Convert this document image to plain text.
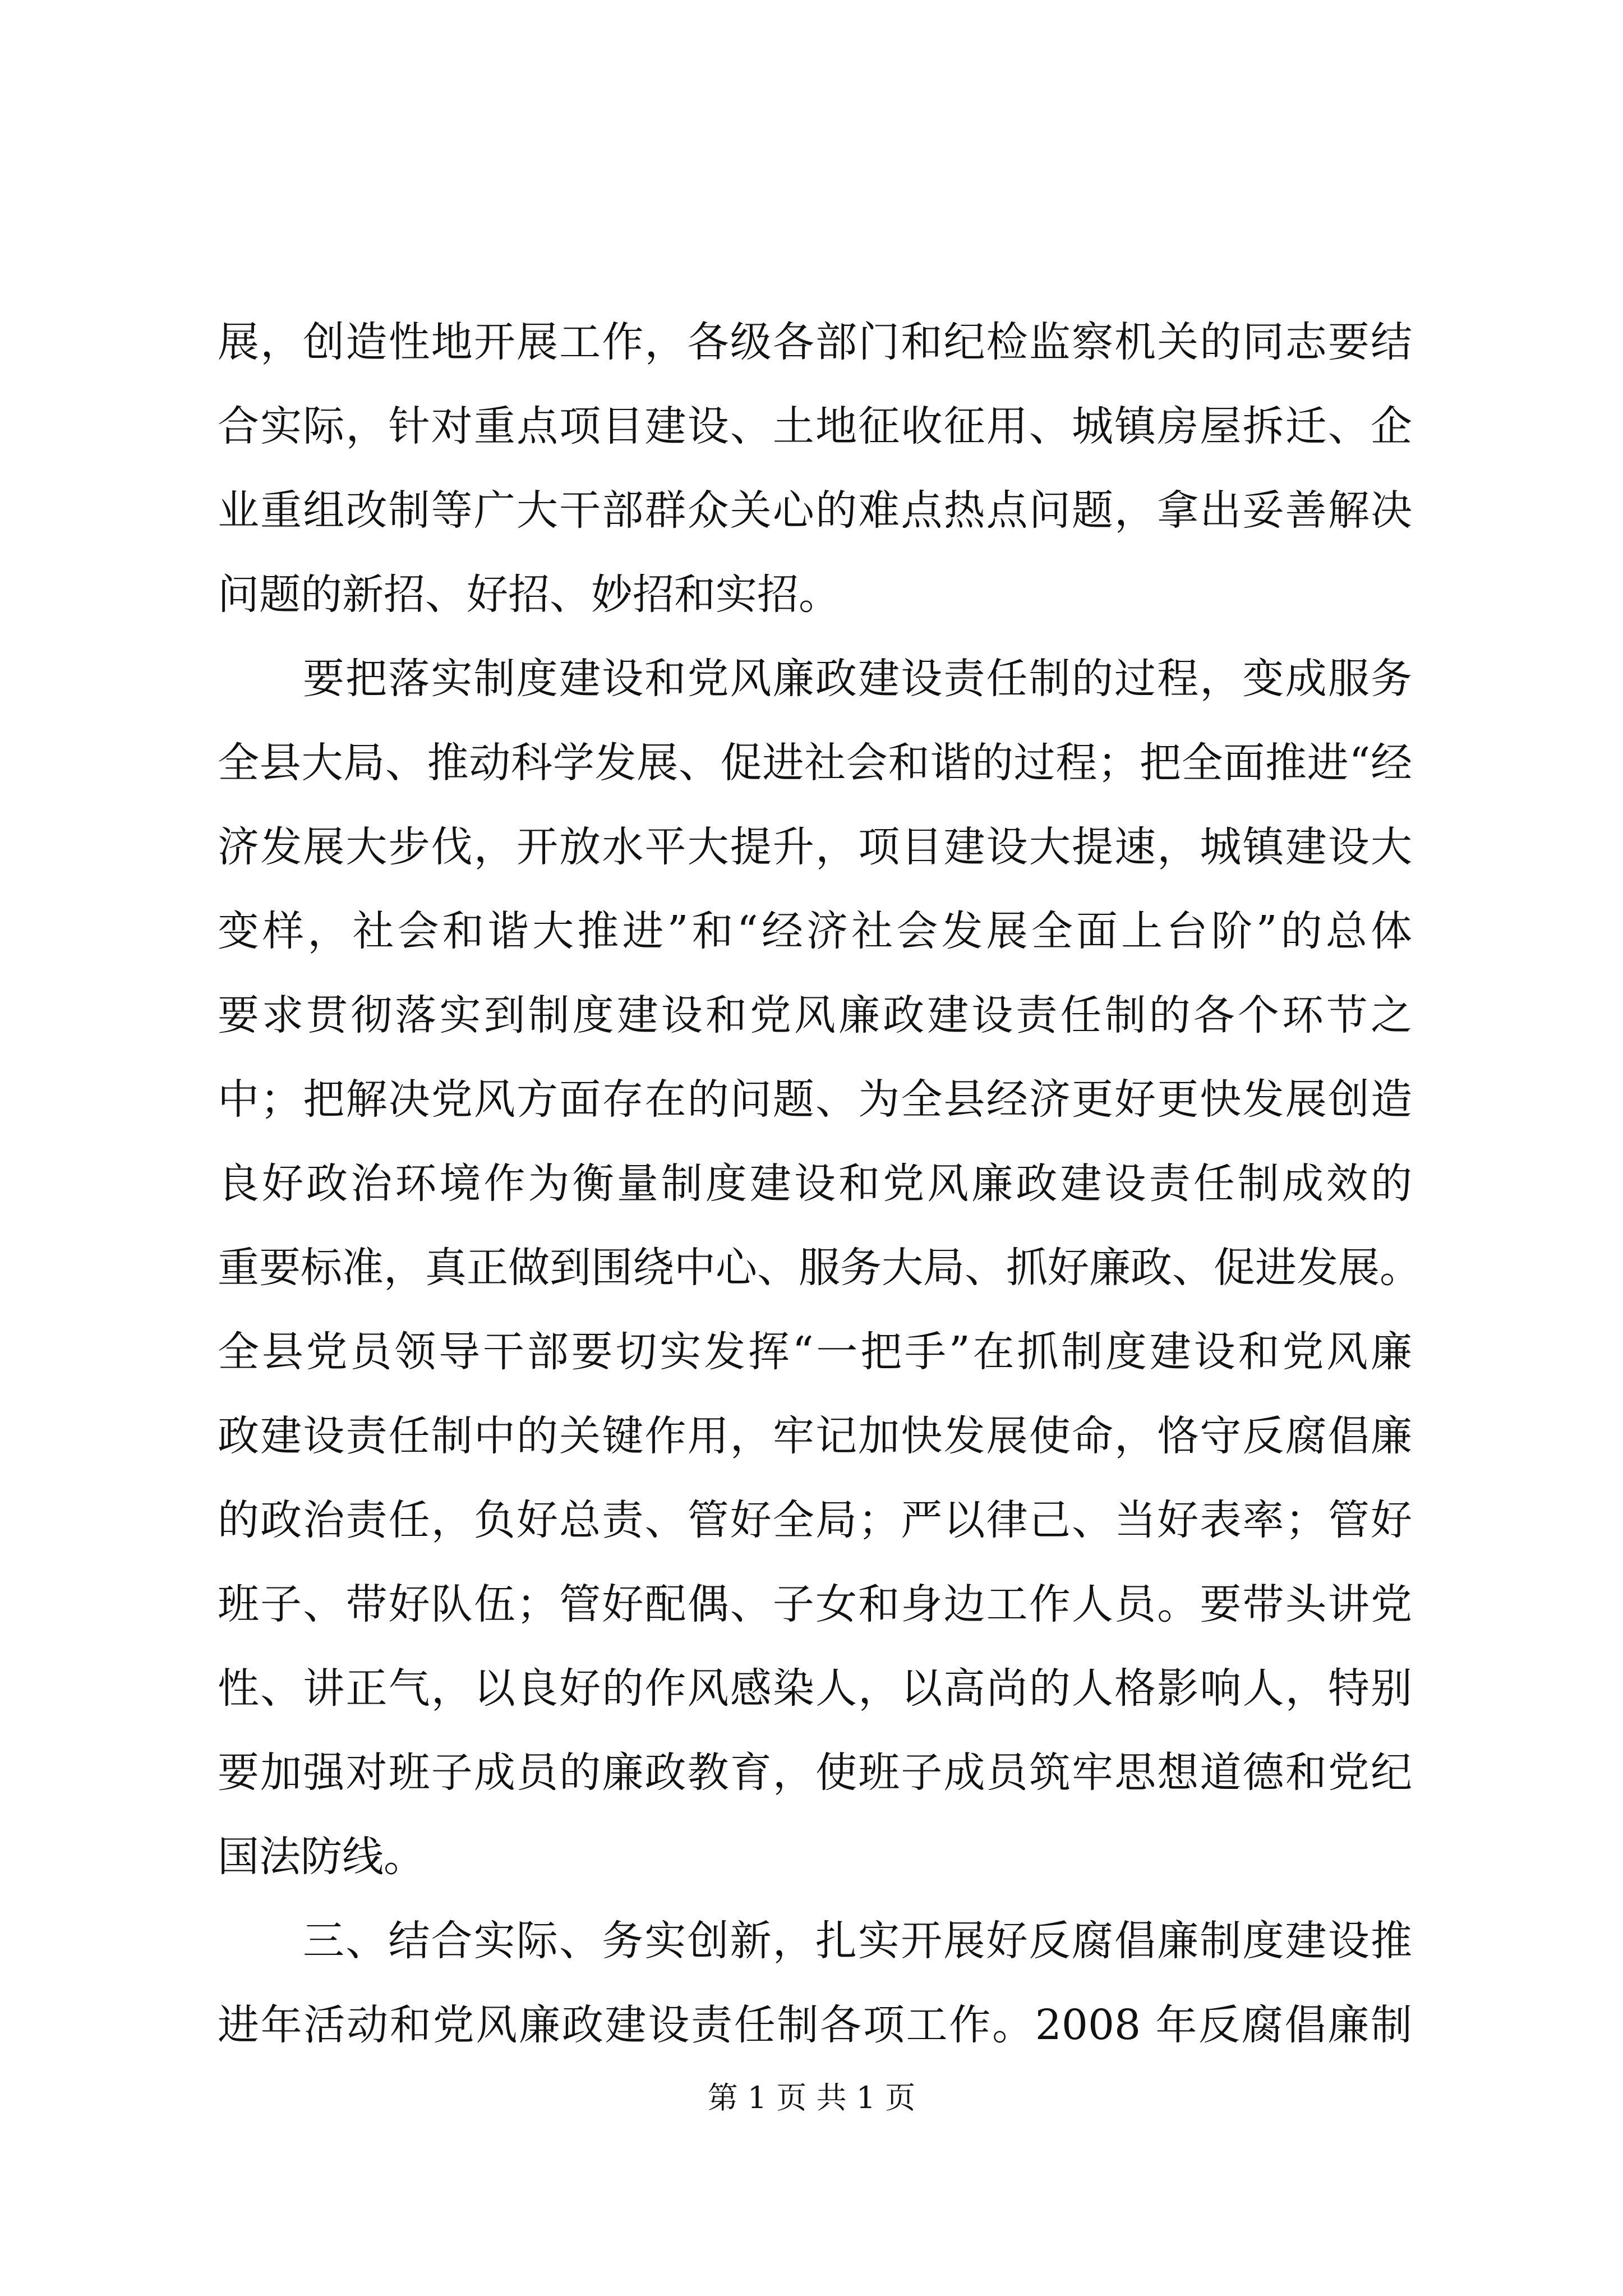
展，创造性地开展工作，各级各部门和纪检监察机关的同志要结
合实际，针对重点项目建设、土地征收征用、城镇房屋拆迁、企
业重组改制等广大干部群众关心的难点热点问题，拿出妥善解决
问题的新招、好招、妙招和实招。
要把落实制度建设和党风廉政建设责任制的过程，变成服务
全县大局、推动科学发展、促进社会和谐的过程；把全面推进“经
济发展大步伐，开放水平大提升，项目建设大提速，城镇建设大
变样，社会和谐大推进”和“经济社会发展全面上台阶”的总体
要求贯彻落实到制度建设和党风廉政建设责任制的各个环节之
中；把解决党风方面存在的问题、为全县经济更好更快发展创造
良好政治环境作为衡量制度建设和党风廉政建设责任制成效的
重要标准，真正做到围绕中心、服务大局、抓好廉政、促进发展。
全县党员领导干部要切实发挥“一把手”在抓制度建设和党风廉
政建设责任制中的关键作用，牢记加快发展使命，恪守反腐倡廉
的政治责任，负好总责、管好全局；严以律己、当好表率；管好
班子、带好队伍；管好配偶、子女和身边工作人员。要带头讲党
性、讲正气，以良好的作风感染人，以高尚的人格影响人，特别
要加强对班子成员的廉政教育，使班子成员筑牢思想道德和党纪
国法防线。
三、结合实际、务实创新，扎实开展好反腐倡廉制度建设推
进年活动和党风廉政建设责任制各项工作。2008 年反腐倡廉制
第 1 页 共 1 页
